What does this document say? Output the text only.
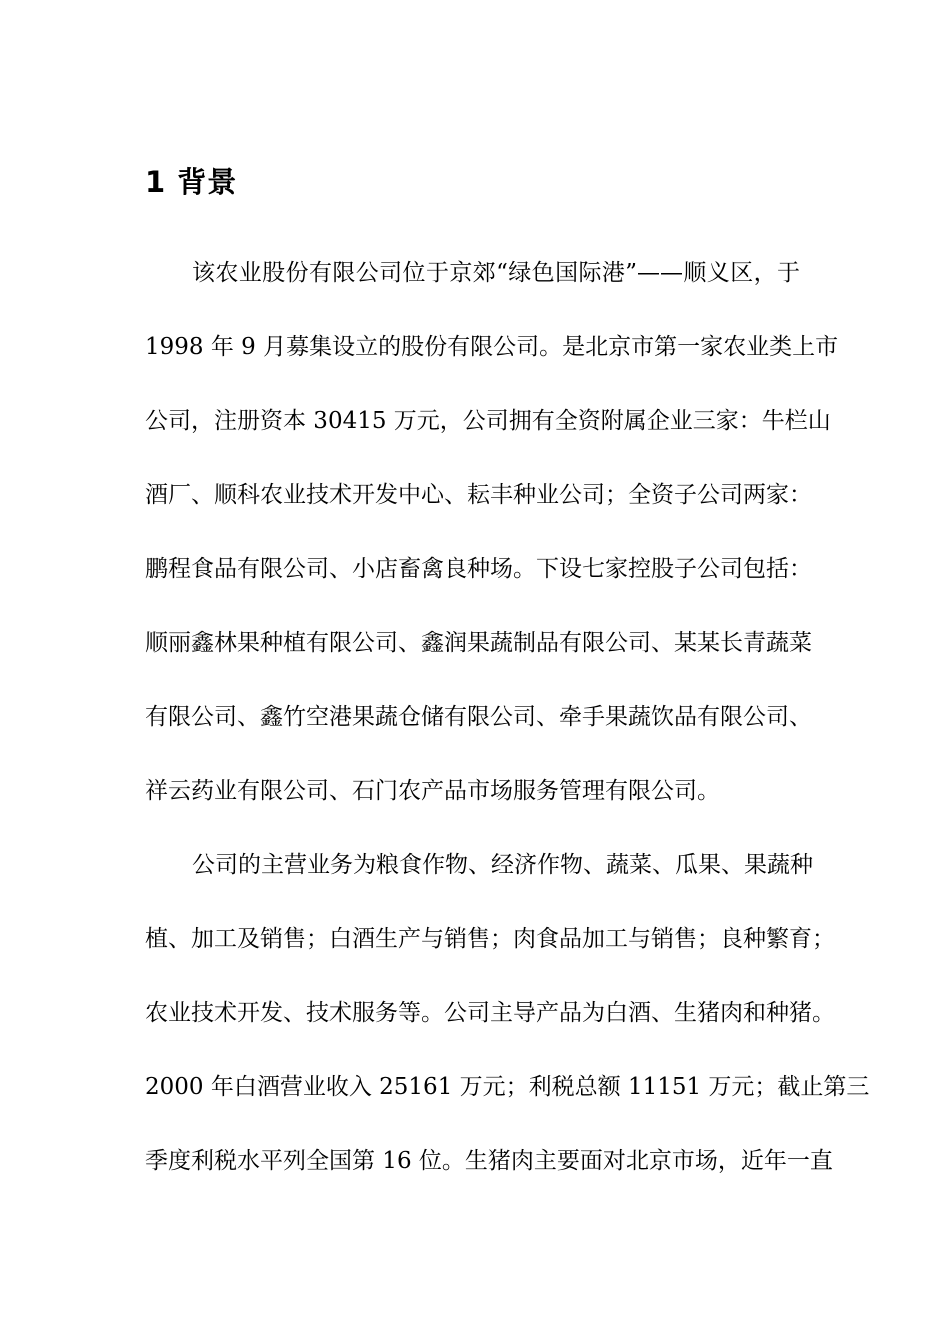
1 背景
该农业股份有限公司位于京郊“绿色国际港”——顺义区，于
1998 年 9 月募集设立的股份有限公司。是北京市第一家农业类上市
公司，注册资本 30415 万元，公司拥有全资附属企业三家：牛栏山
酒厂、顺科农业技术开发中心、耘丰种业公司；全资子公司两家：
鹏程食品有限公司、小店畜禽良种场。下设七家控股子公司包括：
顺丽鑫林果种植有限公司、鑫润果蔬制品有限公司、某某长青蔬菜
有限公司、鑫竹空港果蔬仓储有限公司、牵手果蔬饮品有限公司、
祥云药业有限公司、石门农产品市场服务管理有限公司。
公司的主营业务为粮食作物、经济作物、蔬菜、瓜果、果蔬种
植、加工及销售；白酒生产与销售；肉食品加工与销售；良种繁育；
农业技术开发、技术服务等。公司主导产品为白酒、生猪肉和种猪。
2000 年白酒营业收入 25161 万元；利税总额 11151 万元；截止第三
季度利税水平列全国第 16 位。生猪肉主要面对北京市场，近年一直
